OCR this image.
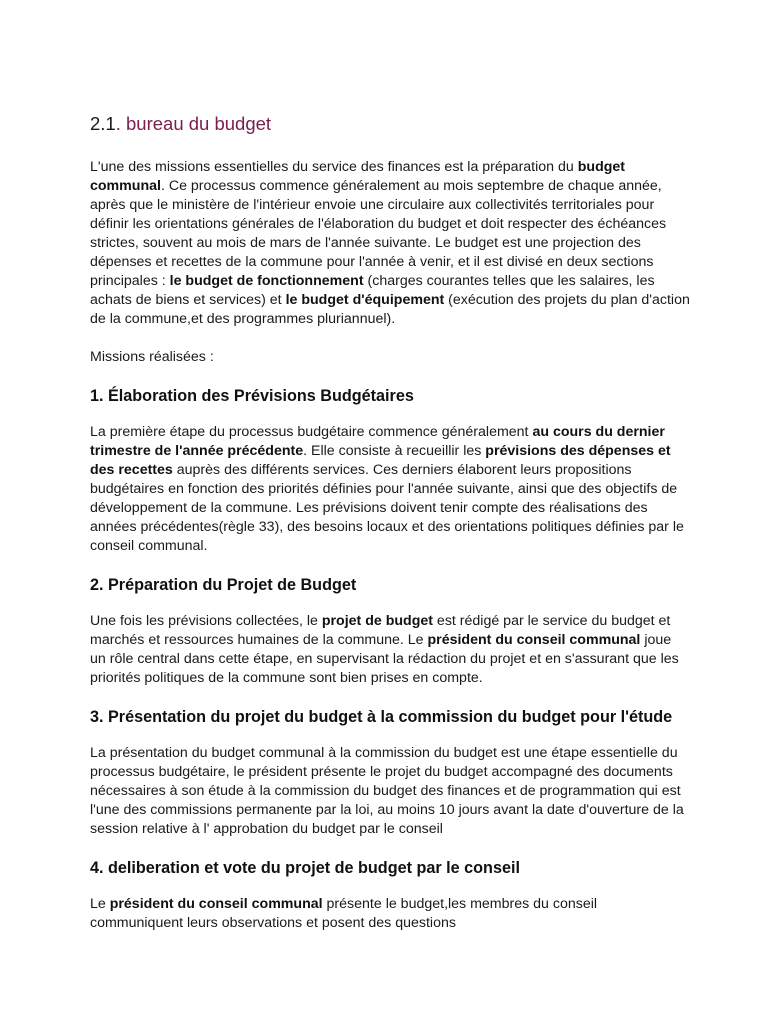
2.1. bureau du budget

L'une des missions essentielles du service des finances est la préparation du budget communal. Ce processus commence généralement au mois septembre de chaque année, après que le ministère de l'intérieur envoie une circulaire aux collectivités territoriales pour définir les orientations générales de l'élaboration du budget et doit respecter des échéances strictes, souvent au mois de mars de l'année suivante. Le budget est une projection des dépenses et recettes de la commune pour l'année à venir, et il est divisé en deux sections principales : le budget de fonctionnement (charges courantes telles que les salaires, les achats de biens et services) et le budget d'équipement (exécution des projets du plan d'action de la commune,et des programmes pluriannuel).

Missions réalisées :

1. Élaboration des Prévisions Budgétaires

La première étape du processus budgétaire commence généralement au cours du dernier trimestre de l'année précédente. Elle consiste à recueillir les prévisions des dépenses et des recettes auprès des différents services. Ces derniers élaborent leurs propositions budgétaires en fonction des priorités définies pour l'année suivante, ainsi que des objectifs de développement de la commune. Les prévisions doivent tenir compte des réalisations des années précédentes(règle 33), des besoins locaux et des orientations politiques définies par le conseil communal.

2. Préparation du Projet de Budget

Une fois les prévisions collectées, le projet de budget est rédigé par le service du budget et marchés et ressources humaines de la commune. Le président du conseil communal joue un rôle central dans cette étape, en supervisant la rédaction du projet et en s'assurant que les priorités politiques de la commune sont bien prises en compte.

3. Présentation du projet du budget à la commission du budget pour l'étude

La présentation du budget communal à la commission du budget est une étape essentielle du processus budgétaire, le président présente le projet du budget accompagné des documents nécessaires à son étude à la commission du budget des finances et de programmation qui est l'une des commissions permanente par la loi, au moins 10 jours avant la date d'ouverture de la session relative à l' approbation du budget par le conseil

4. deliberation et vote du projet de budget par le conseil

Le président du conseil communal présente le budget,les membres du conseil communiquent leurs observations et posent des questions
